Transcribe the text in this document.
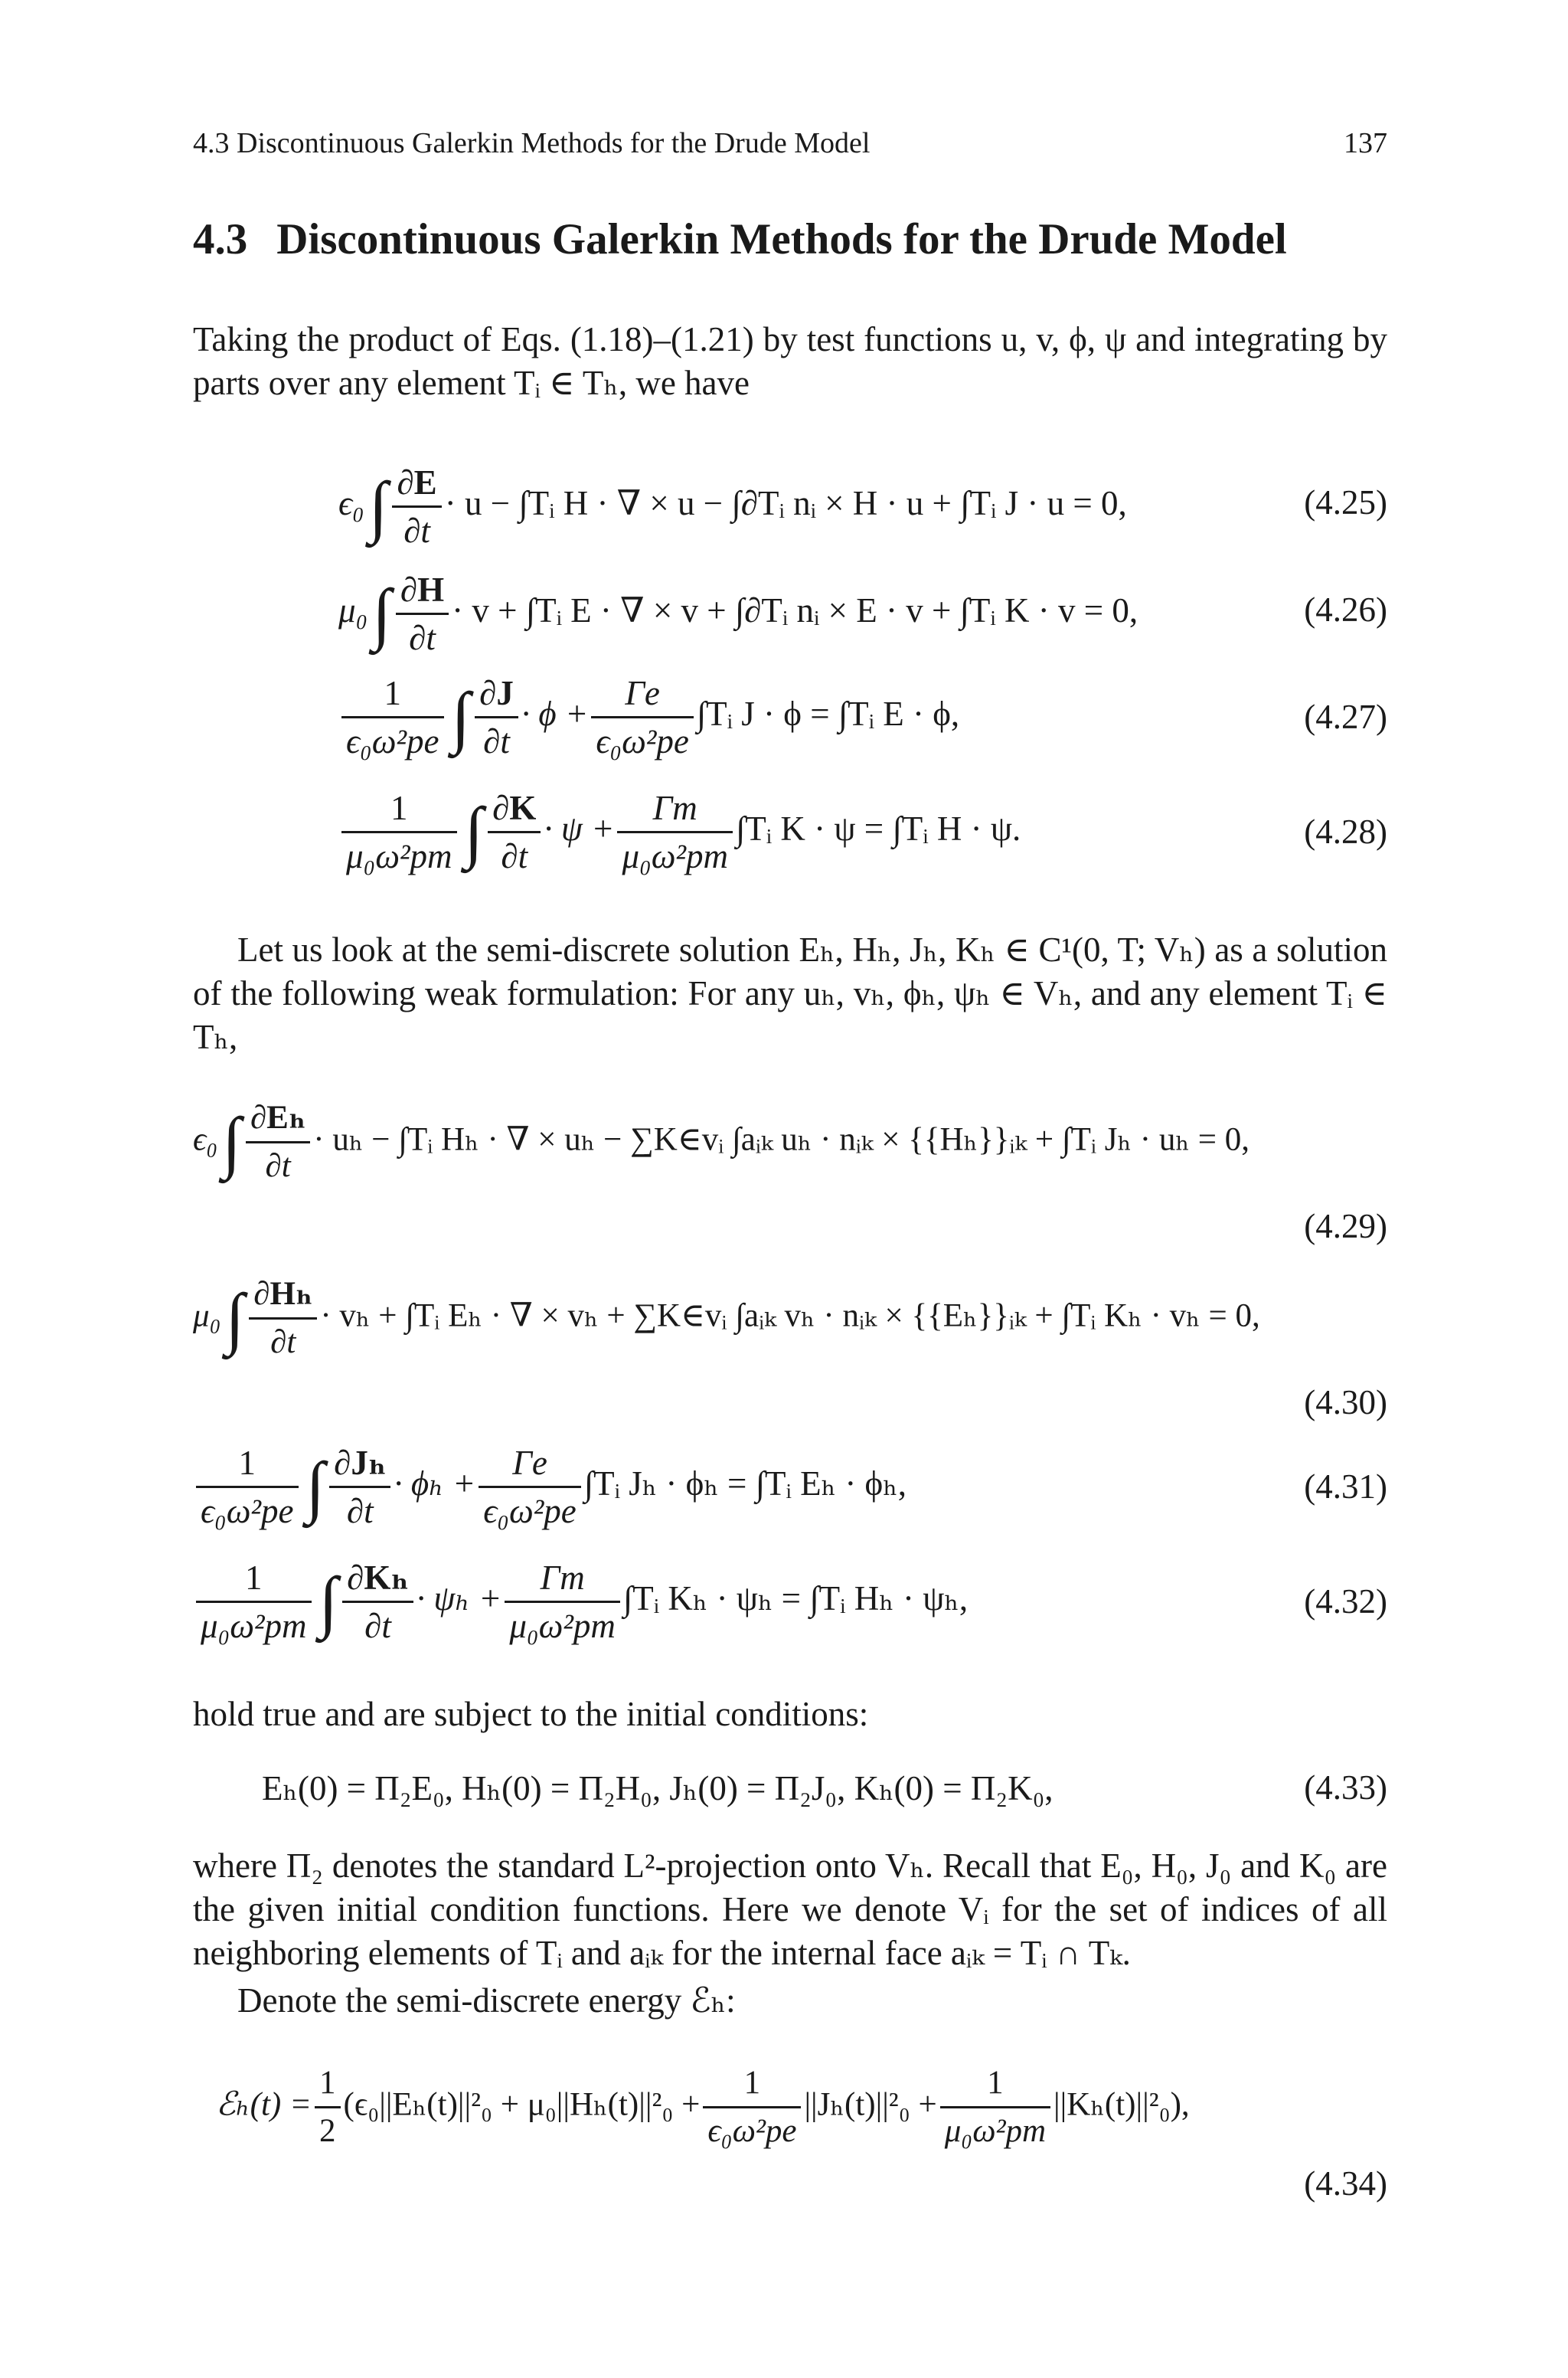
4.3 Discontinuous Galerkin Methods for the Drude Model	137
4.3 Discontinuous Galerkin Methods for the Drude Model
Taking the product of Eqs. (1.18)–(1.21) by test functions u, v, ϕ, ψ and integrating by parts over any element Tᵢ ∈ Tₕ, we have
$\epsilon_0\int \frac{\partial E}{\partial t} \cdot u$ − ∫Tᵢ H · ∇ × u − ∫∂Tᵢ nᵢ × H · u + ∫Tᵢ J · u = 0,	(4.25)
$\mu_0\int \frac{\partial H}{\partial t} \cdot v$ + ∫Tᵢ E · ∇ × v + ∫∂Tᵢ nᵢ × E · v + ∫Tᵢ K · v = 0,	(4.26)
$\frac{1}{\text{ϵ₀ω²pe}}$ ∫ $\frac{\partial J}{\partial t} \cdot \phi + \frac{\Gamma e}{\text{ϵ₀ω²pe}}$ ∫Tᵢ J · ϕ = ∫Tᵢ E · ϕ,	(4.27)
$\frac{1}{\text{μ₀ω²pm}}$ ∫ $\frac{\partial K}{\partial t} \cdot \psi + \frac{\Gamma m}{\text{μ₀ω²pm}}$ ∫Tᵢ K · ψ = ∫Tᵢ H · ψ.	(4.28)
Let us look at the semi-discrete solution Eₕ, Hₕ, Jₕ, Kₕ ∈ C¹(0, T; Vₕ) as a solution of the following weak formulation: For any uₕ, vₕ, ϕₕ, ψₕ ∈ Vₕ, and any element Tᵢ ∈ Tₕ,
$\epsilon_0\int \frac{\text{∂Eₕ}}{\partial t} \cdot u_h$ − ∫Tᵢ Hₕ · ∇ × uₕ − ∑K∈vᵢ ∫aᵢₖ uₕ · nᵢₖ × {{Hₕ}}ᵢₖ + ∫Tᵢ Jₕ · uₕ = 0,
(4.29)
$\mu_0\int \frac{\text{∂Hₕ}}{\partial t} \cdot v_h$ + ∫Tᵢ Eₕ · ∇ × vₕ + ∑K∈vᵢ ∫aᵢₖ vₕ · nᵢₖ × {{Eₕ}}ᵢₖ + ∫Tᵢ Kₕ · vₕ = 0,
(4.30)
$\frac{1}{\text{ϵ₀ω²pe}}$ ∫ $\frac{\text{∂Jₕ}}{\partial t} \cdot \phi_h + \frac{\Gamma e}{\text{ϵ₀ω²pe}}$ ∫Tᵢ Jₕ · ϕₕ = ∫Tᵢ Eₕ · ϕₕ,	(4.31)
$\frac{1}{\text{μ₀ω²pm}}$ ∫ $\frac{\text{∂Kₕ}}{\partial t} \cdot \psi_h + \frac{\Gamma m}{\text{μ₀ω²pm}}$ ∫Tᵢ Kₕ · ψₕ = ∫Tᵢ Hₕ · ψₕ,	(4.32)
hold true and are subject to the initial conditions:
Eₕ(0) = Π₂E₀, Hₕ(0) = Π₂H₀, Jₕ(0) = Π₂J₀, Kₕ(0) = Π₂K₀,	(4.33)
where Π₂ denotes the standard L²-projection onto Vₕ. Recall that E₀, H₀, J₀ and K₀ are the given initial condition functions. Here we denote Vᵢ for the set of indices of all neighboring elements of Tᵢ and aᵢₖ for the internal face aᵢₖ = Tᵢ ∩ Tₖ.
Denote the semi-discrete energy ℰₕ:
ℰₕ(t) = $\frac{1}{2} (\epsilon_0||E_h(t)||^2_0 + \mu_0||H_h(t)||^2_0 + \frac{1}{\text{ϵ₀ω²pe}} ||J_h(t)||^2_0 + \frac{1}{\text{μ₀ω²pm}} ||K_h(t)||^2_0)$,
(4.34)
